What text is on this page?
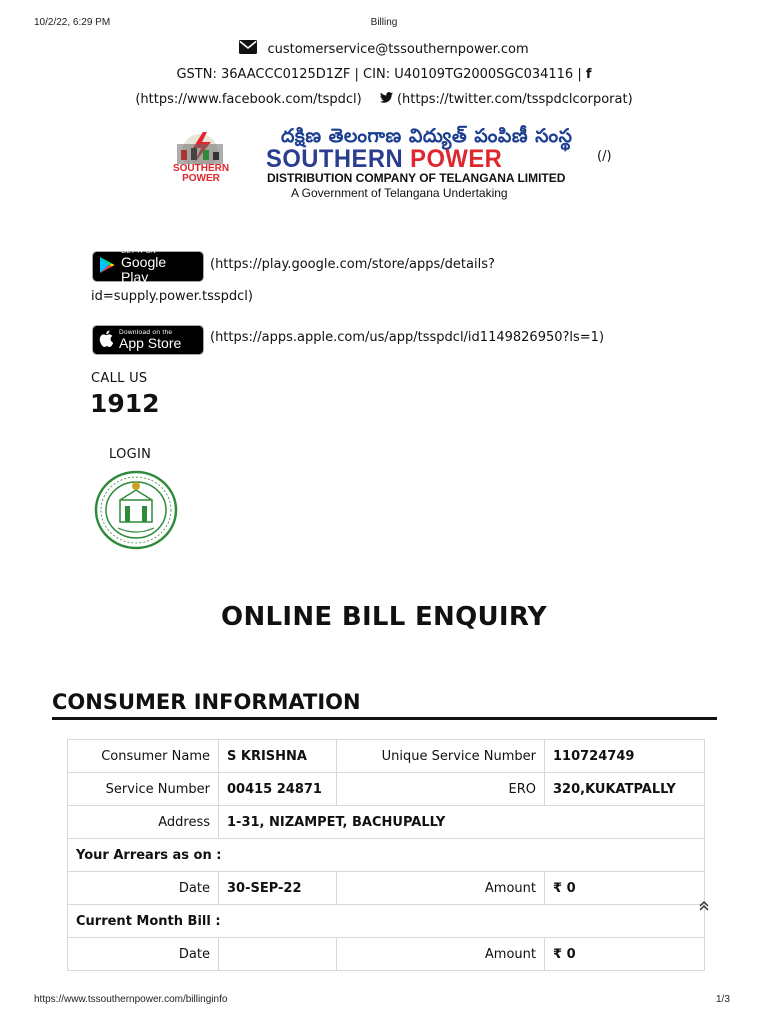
10/2/22, 6:29 PM	Billing
customerservice@tssouthernpower.com
GSTN: 36AACCC0125D1ZF | CIN: U40109TG2000SGC034116 | f
(https://www.facebook.com/tspdcl)	(https://twitter.com/tsspdclcorporat)
SOUTHERN
POWER
దక్షిణ తెలంగాణ విద్యుత్ పంపిణీ సంస్థ
SOUTHERN POWER
DISTRIBUTION COMPANY OF TELANGANA LIMITED
A Government of Telangana Undertaking
(/)
GET IT ON
Google Play
(https://play.google.com/store/apps/details?
id=supply.power.tsspdcl)
Download on the
App Store (https://apps.apple.com/us/app/tsspdcl/id1149826950?ls=1)
CALL US
1912
LOGIN
ONLINE BILL ENQUIRY
CONSUMER INFORMATION
Consumer Name	S KRISHNA	Unique Service Number	110724749
Service Number	00415 24871	ERO	320,KUKATPALLY
Address	1-31, NIZAMPET, BACHUPALLY		
Your Arrears as on :			
Date	30-SEP-22	Amount	₹ 0
Current Month Bill :			
Date		Amount	₹ 0
https://www.tssouthernpower.com/billinginfo	1/3
